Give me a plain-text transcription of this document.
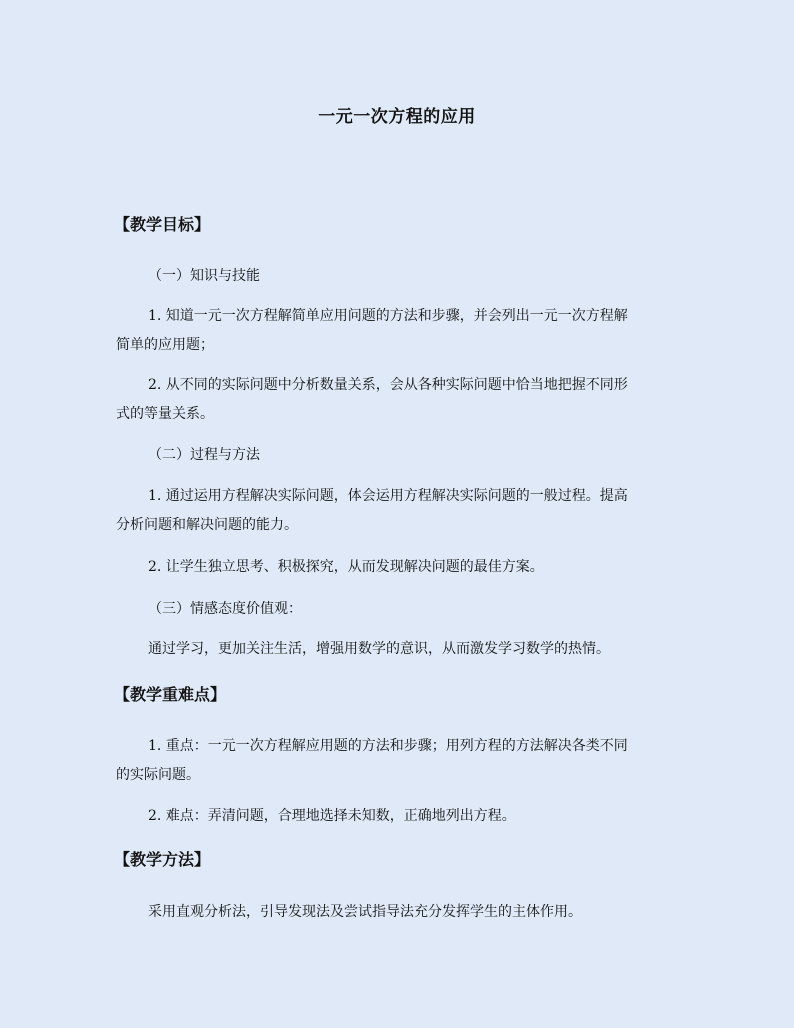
一元一次方程的应用
【教学目标】
（一）知识与技能
1. 知道一元一次方程解简单应用问题的方法和步骤，并会列出一元一次方程解
简单的应用题；
2. 从不同的实际问题中分析数量关系，会从各种实际问题中恰当地把握不同形
式的等量关系。
（二）过程与方法
1. 通过运用方程解决实际问题，体会运用方程解决实际问题的一般过程。提高
分析问题和解决问题的能力。
2. 让学生独立思考、积极探究，从而发现解决问题的最佳方案。
（三）情感态度价值观：
通过学习，更加关注生活，增强用数学的意识，从而激发学习数学的热情。
【教学重难点】
1. 重点：一元一次方程解应用题的方法和步骤；用列方程的方法解决各类不同
的实际问题。
2. 难点：弄清问题，合理地选择未知数，正确地列出方程。
【教学方法】
采用直观分析法，引导发现法及尝试指导法充分发挥学生的主体作用。
